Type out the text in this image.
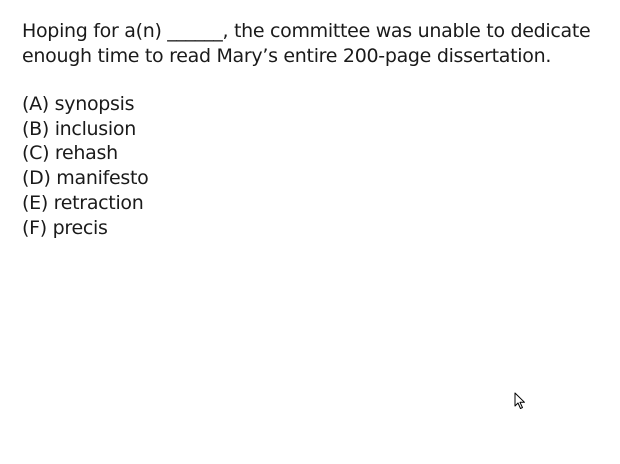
Hoping for a(n) ______, the committee was unable to dedicate
enough time to read Mary’s entire 200-page dissertation.
(A) synopsis
(B) inclusion
(C) rehash
(D) manifesto
(E) retraction
(F) precis
